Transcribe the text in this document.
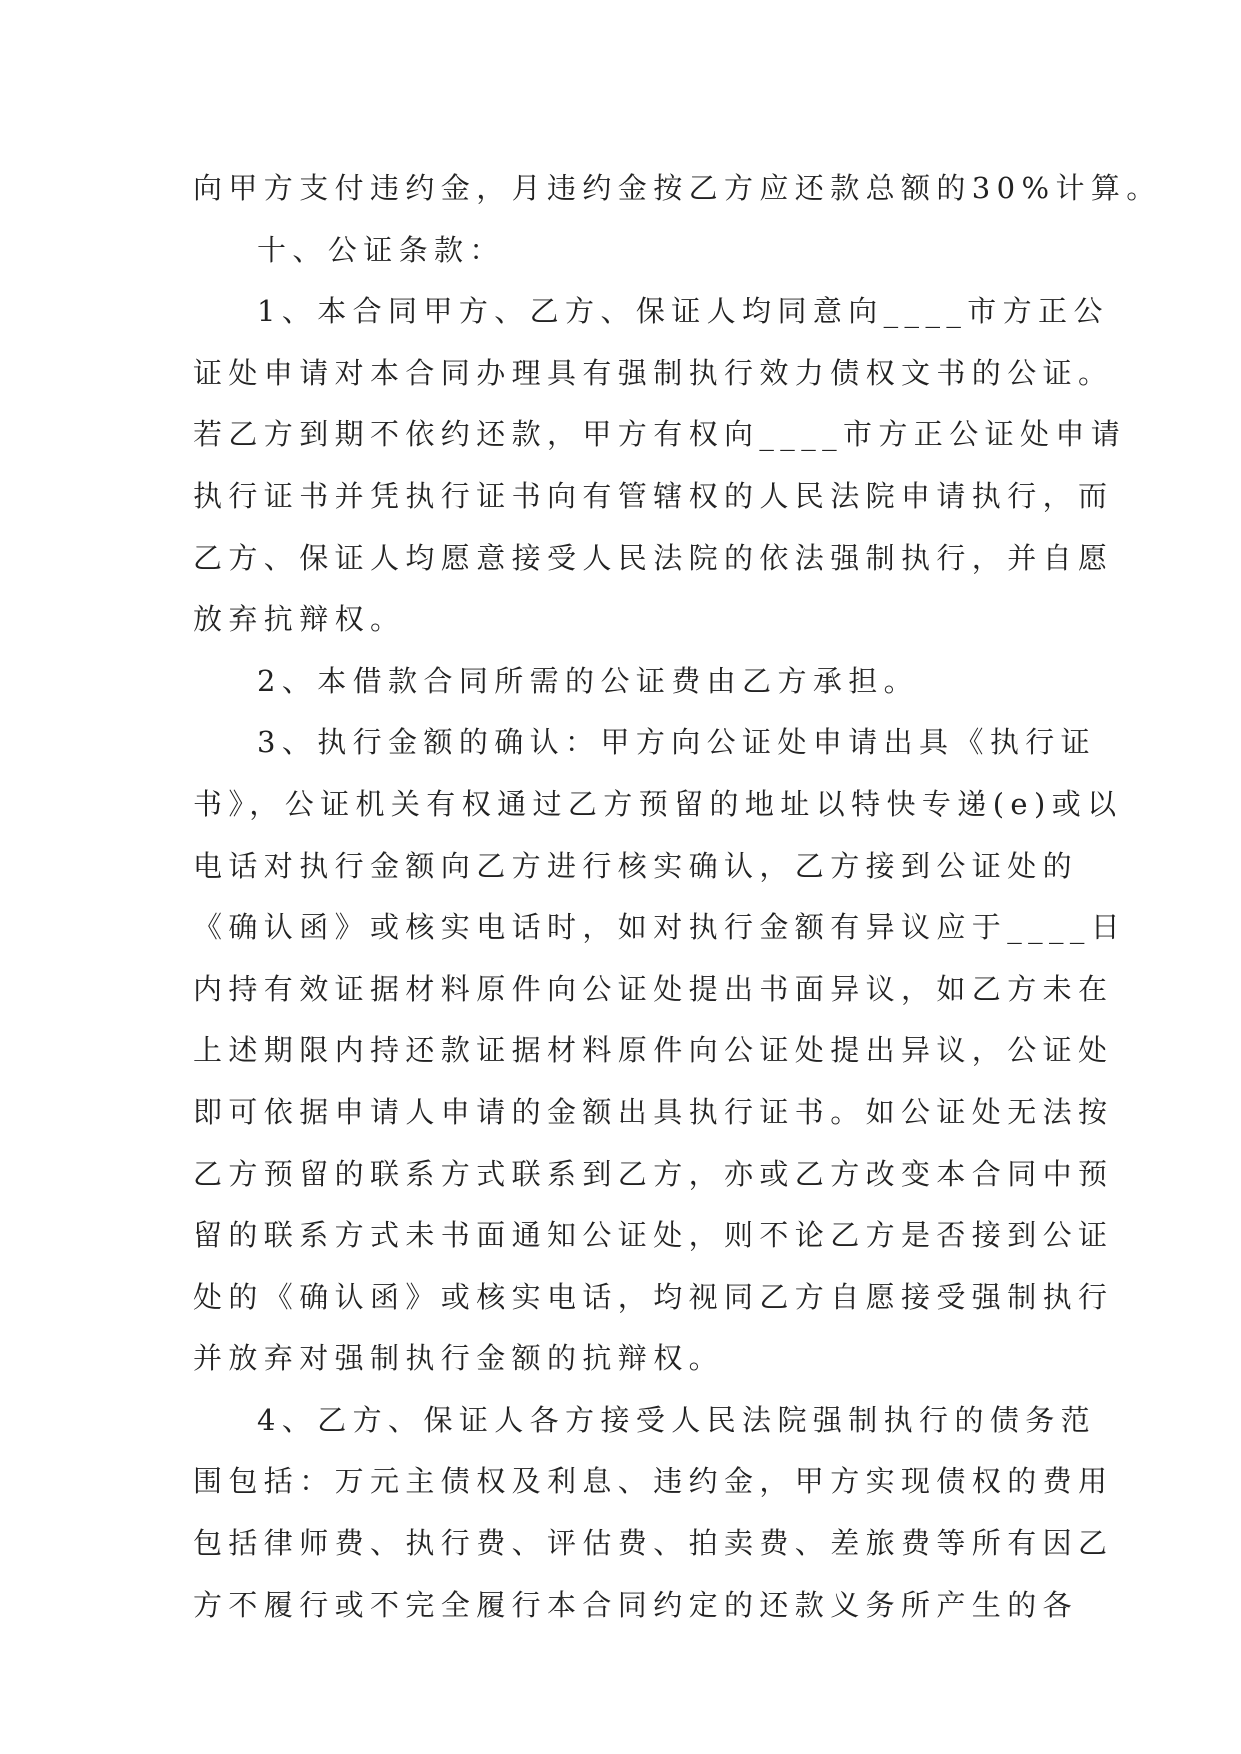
向甲方支付违约金，月违约金按乙方应还款总额的30%计算。
十、公证条款：
1、本合同甲方、乙方、保证人均同意向____市方正公
证处申请对本合同办理具有强制执行效力债权文书的公证。
若乙方到期不依约还款，甲方有权向____市方正公证处申请
执行证书并凭执行证书向有管辖权的人民法院申请执行，而
乙方、保证人均愿意接受人民法院的依法强制执行，并自愿
放弃抗辩权。
2、本借款合同所需的公证费由乙方承担。
3、执行金额的确认：甲方向公证处申请出具《执行证
书》，公证机关有权通过乙方预留的地址以特快专递(e)或以
电话对执行金额向乙方进行核实确认，乙方接到公证处的
《确认函》或核实电话时，如对执行金额有异议应于____日
内持有效证据材料原件向公证处提出书面异议，如乙方未在
上述期限内持还款证据材料原件向公证处提出异议，公证处
即可依据申请人申请的金额出具执行证书。如公证处无法按
乙方预留的联系方式联系到乙方，亦或乙方改变本合同中预
留的联系方式未书面通知公证处，则不论乙方是否接到公证
处的《确认函》或核实电话，均视同乙方自愿接受强制执行
并放弃对强制执行金额的抗辩权。
4、乙方、保证人各方接受人民法院强制执行的债务范
围包括：万元主债权及利息、违约金，甲方实现债权的费用
包括律师费、执行费、评估费、拍卖费、差旅费等所有因乙
方不履行或不完全履行本合同约定的还款义务所产生的各
